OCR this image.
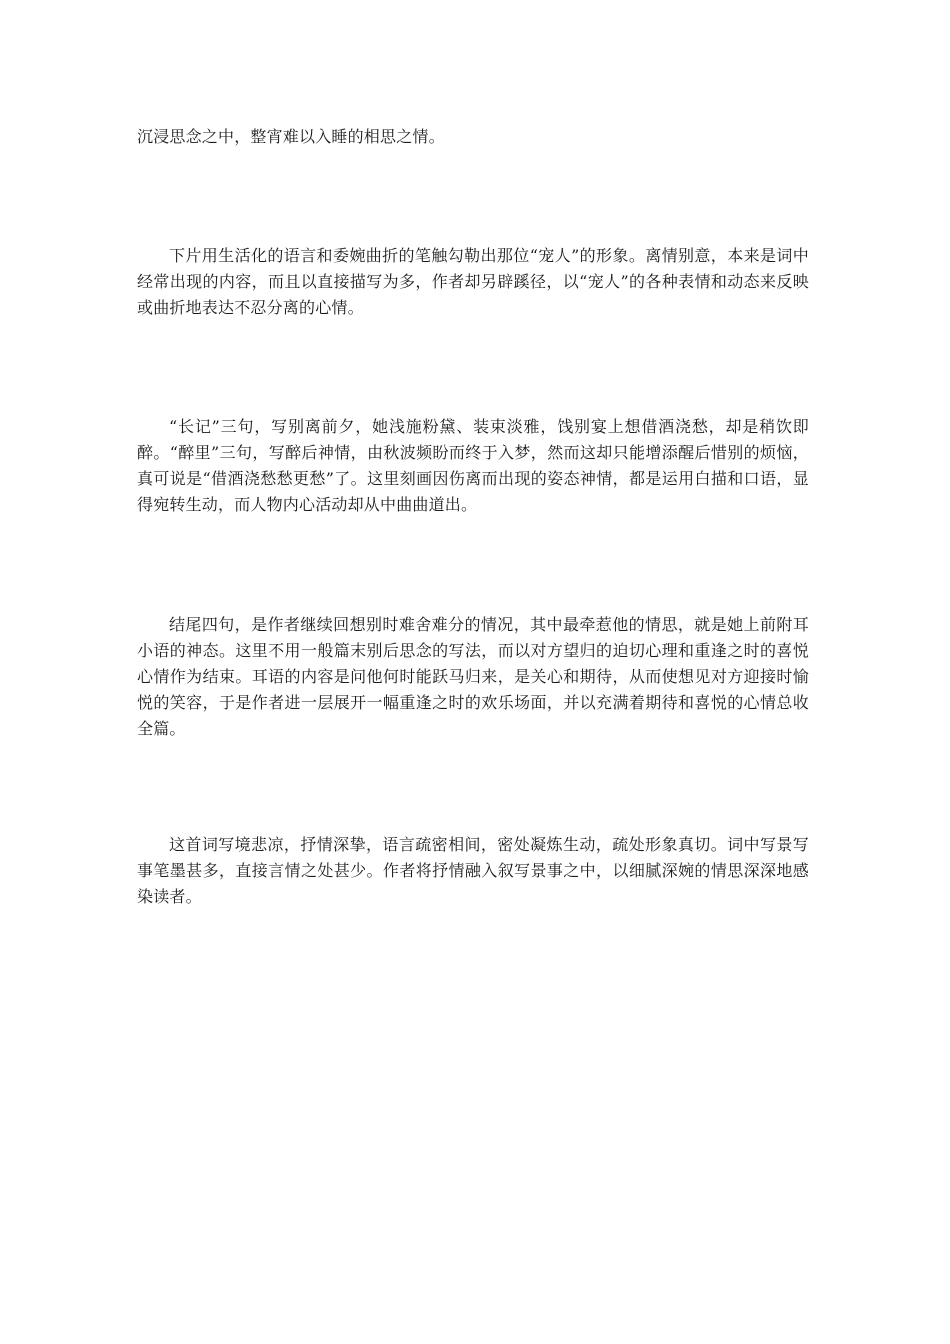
沉浸思念之中，整宵难以入睡的相思之情。

下片用生活化的语言和委婉曲折的笔触勾勒出那位“宠人”的形象。离情别意，本来是词中经常出现的内容，而且以直接描写为多，作者却另辟蹊径，以“宠人”的各种表情和动态来反映或曲折地表达不忍分离的心情。

“长记”三句，写别离前夕，她浅施粉黛、装束淡雅，饯别宴上想借酒浇愁，却是稍饮即醉。“醉里”三句，写醉后神情，由秋波频盼而终于入梦，然而这却只能增添醒后惜别的烦恼，真可说是“借酒浇愁愁更愁”了。这里刻画因伤离而出现的姿态神情，都是运用白描和口语，显得宛转生动，而人物内心活动却从中曲曲道出。

结尾四句，是作者继续回想别时难舍难分的情况，其中最牵惹他的情思，就是她上前附耳小语的神态。这里不用一般篇末别后思念的写法，而以对方望归的迫切心理和重逢之时的喜悦心情作为结束。耳语的内容是问他何时能跃马归来，是关心和期待，从而使想见对方迎接时愉悦的笑容，于是作者进一层展开一幅重逢之时的欢乐场面，并以充满着期待和喜悦的心情总收全篇。

这首词写境悲凉，抒情深挚，语言疏密相间，密处凝炼生动，疏处形象真切。词中写景写事笔墨甚多，直接言情之处甚少。作者将抒情融入叙写景事之中，以细腻深婉的情思深深地感染读者。
